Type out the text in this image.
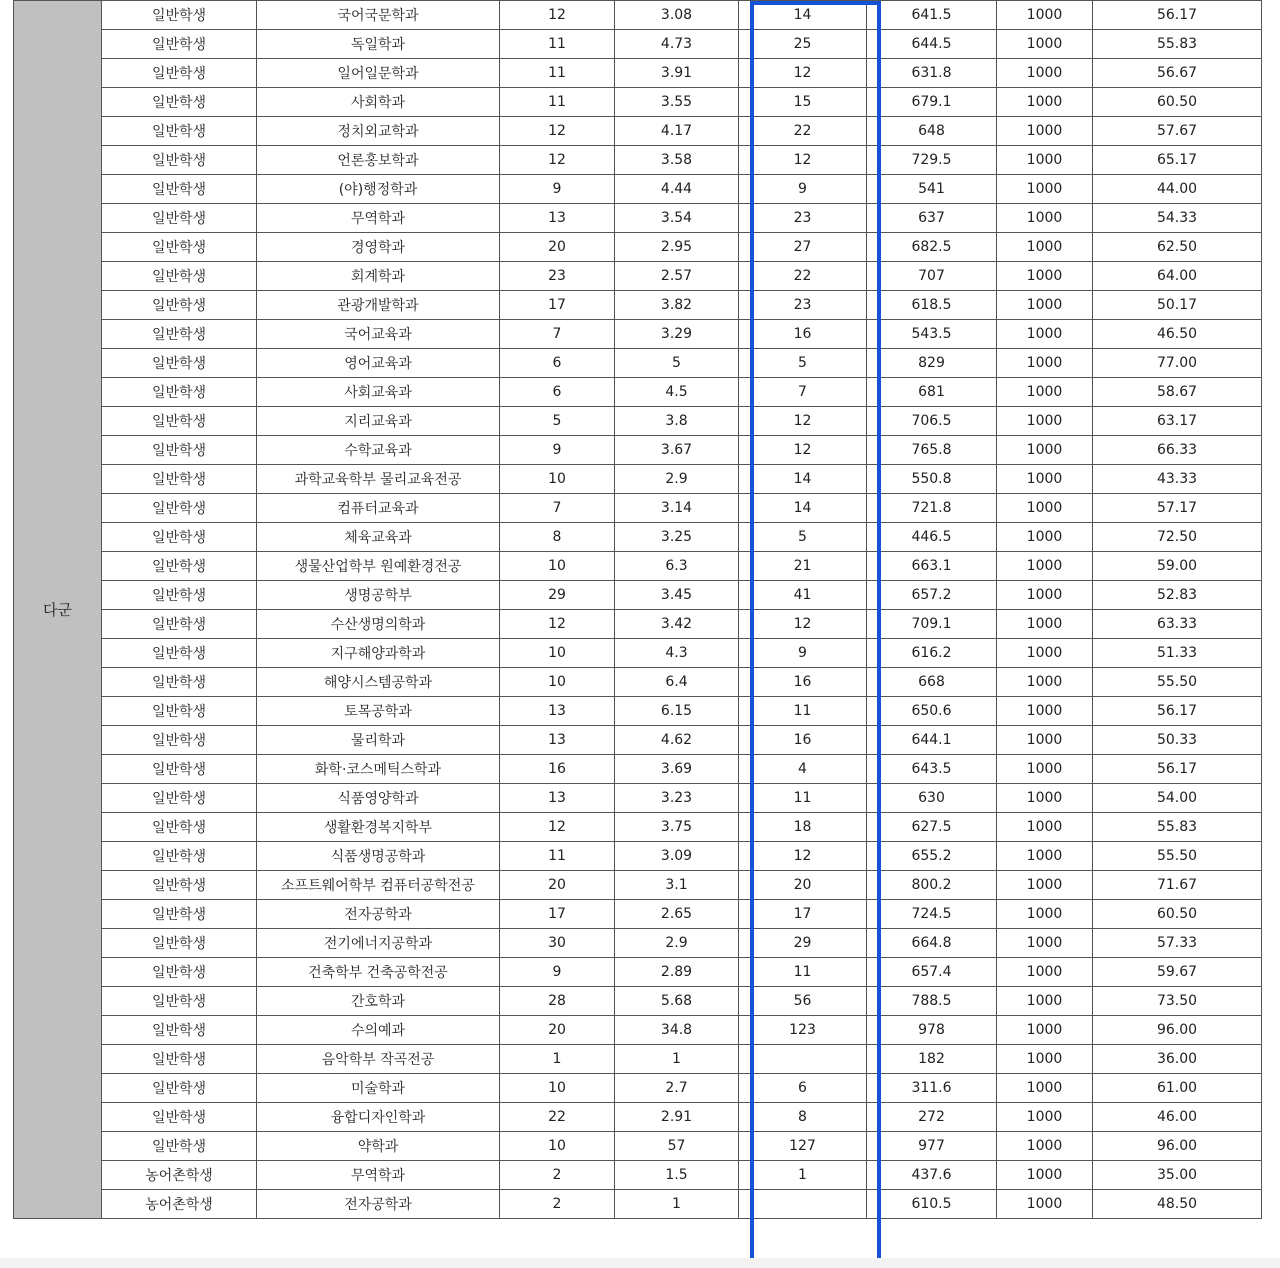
다군	일반학생	국어국문학과	12	3.08	14	641.5	1000	56.17
	일반학생	독일학과	11	4.73	25	644.5	1000	55.83
	일반학생	일어일문학과	11	3.91	12	631.8	1000	56.67
	일반학생	사회학과	11	3.55	15	679.1	1000	60.50
	일반학생	정치외교학과	12	4.17	22	648	1000	57.67
	일반학생	언론홍보학과	12	3.58	12	729.5	1000	65.17
	일반학생	(야)행정학과	9	4.44	9	541	1000	44.00
	일반학생	무역학과	13	3.54	23	637	1000	54.33
	일반학생	경영학과	20	2.95	27	682.5	1000	62.50
	일반학생	회계학과	23	2.57	22	707	1000	64.00
	일반학생	관광개발학과	17	3.82	23	618.5	1000	50.17
	일반학생	국어교육과	7	3.29	16	543.5	1000	46.50
	일반학생	영어교육과	6	5	5	829	1000	77.00
	일반학생	사회교육과	6	4.5	7	681	1000	58.67
	일반학생	지리교육과	5	3.8	12	706.5	1000	63.17
	일반학생	수학교육과	9	3.67	12	765.8	1000	66.33
	일반학생	과학교육학부 물리교육전공	10	2.9	14	550.8	1000	43.33
	일반학생	컴퓨터교육과	7	3.14	14	721.8	1000	57.17
	일반학생	체육교육과	8	3.25	5	446.5	1000	72.50
	일반학생	생물산업학부 원예환경전공	10	6.3	21	663.1	1000	59.00
	일반학생	생명공학부	29	3.45	41	657.2	1000	52.83
	일반학생	수산생명의학과	12	3.42	12	709.1	1000	63.33
	일반학생	지구해양과학과	10	4.3	9	616.2	1000	51.33
	일반학생	해양시스템공학과	10	6.4	16	668	1000	55.50
	일반학생	토목공학과	13	6.15	11	650.6	1000	56.17
	일반학생	물리학과	13	4.62	16	644.1	1000	50.33
	일반학생	화학·코스메틱스학과	16	3.69	4	643.5	1000	56.17
	일반학생	식품영양학과	13	3.23	11	630	1000	54.00
	일반학생	생활환경복지학부	12	3.75	18	627.5	1000	55.83
	일반학생	식품생명공학과	11	3.09	12	655.2	1000	55.50
	일반학생	소프트웨어학부 컴퓨터공학전공	20	3.1	20	800.2	1000	71.67
	일반학생	전자공학과	17	2.65	17	724.5	1000	60.50
	일반학생	전기에너지공학과	30	2.9	29	664.8	1000	57.33
	일반학생	건축학부 건축공학전공	9	2.89	11	657.4	1000	59.67
	일반학생	간호학과	28	5.68	56	788.5	1000	73.50
	일반학생	수의예과	20	34.8	123	978	1000	96.00
	일반학생	음악학부 작곡전공	1	1		182	1000	36.00
	일반학생	미술학과	10	2.7	6	311.6	1000	61.00
	일반학생	융합디자인학과	22	2.91	8	272	1000	46.00
	일반학생	약학과	10	57	127	977	1000	96.00
	농어촌학생	무역학과	2	1.5	1	437.6	1000	35.00
	농어촌학생	전자공학과	2	1		610.5	1000	48.50
